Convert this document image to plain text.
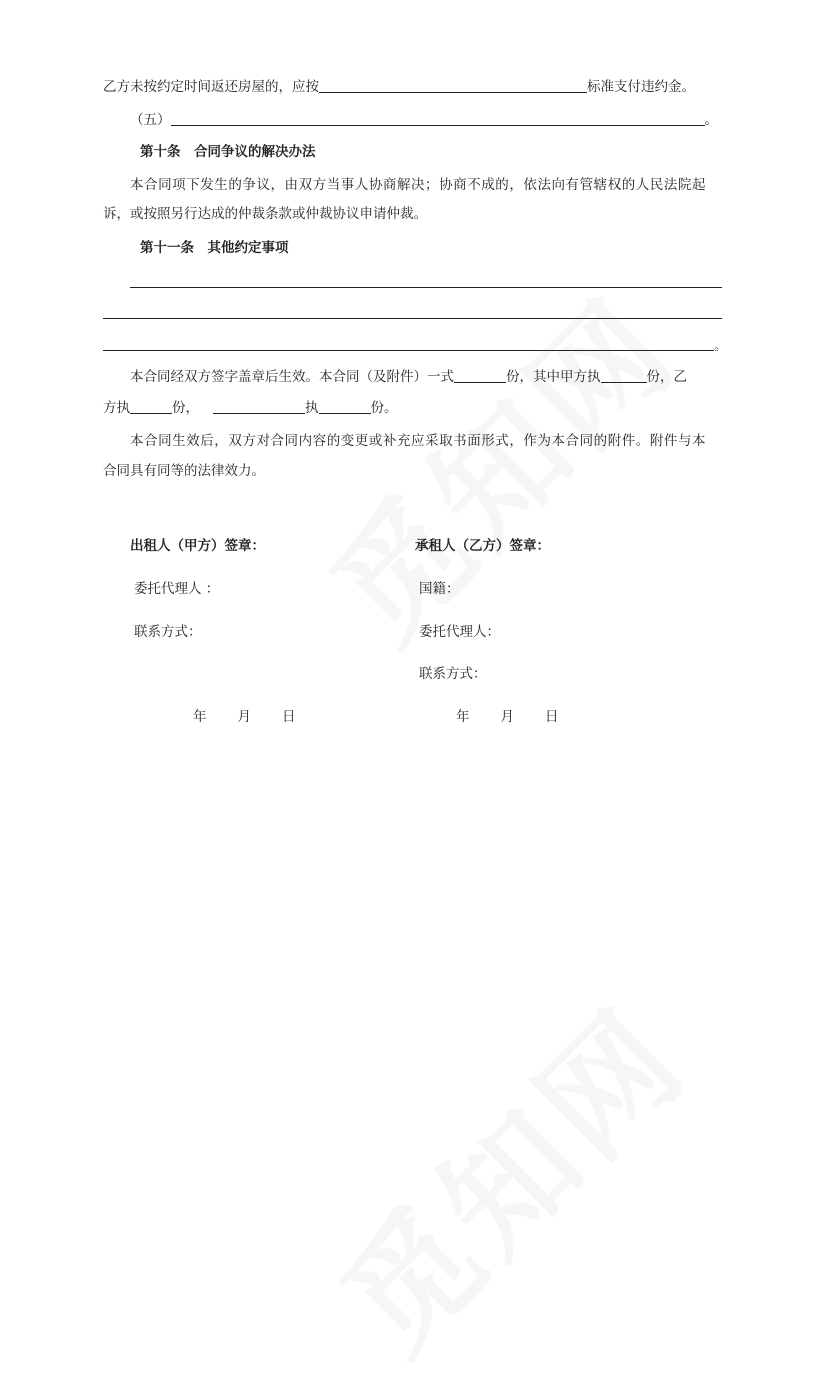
乙方未按约定时间返还房屋的，应按	标准支付违约金。
（五）	。
第十条　合同争议的解决办法
本合同项下发生的争议，由双方当事人协商解决；协商不成的，依法向有管辖权的人民法院起
诉，或按照另行达成的仲裁条款或仲裁协议申请仲裁。
第十一条　其他约定事项
。
本合同经双方签字盖章后生效。本合同（及附件）一式	份，其中甲方执	份，乙
方执	份，	执	份。
本合同生效后，双方对合同内容的变更或补充应采取书面形式，作为本合同的附件。附件与本
合同具有同等的法律效力。
出租人（甲方）签章：
委托代理人 ：
联系方式：
年 月 日
承租人（乙方）签章：
国籍：
委托代理人：
联系方式：
年 月 日
